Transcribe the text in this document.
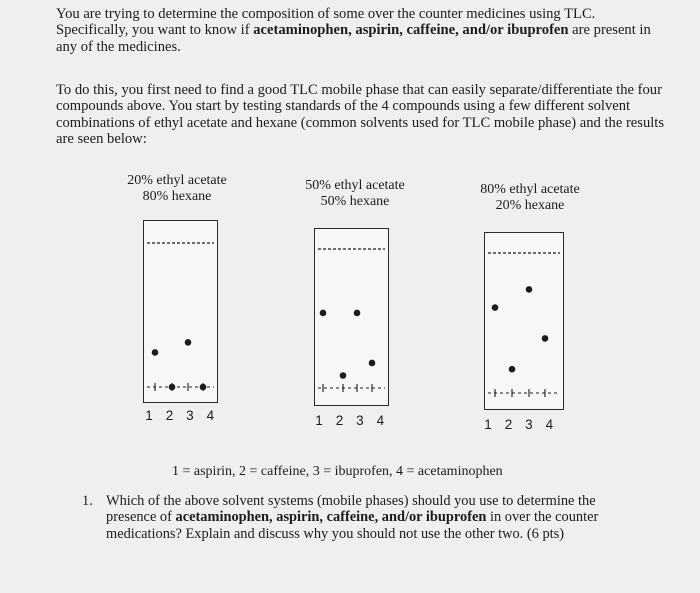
You are trying to determine the composition of some over the counter medicines using TLC. Specifically, you want to know if acetaminophen, aspirin, caffeine, and/or ibuprofen are present in any of the medicines.

To do this, you first need to find a good TLC mobile phase that can easily separate/differentiate the four compounds above. You start by testing standards of the 4 compounds using a few different solvent combinations of ethyl acetate and hexane (common solvents used for TLC mobile phase) and the results are seen below:

20% ethyl acetate
80% hexane
1 2 3 4
50% ethyl acetate
50% hexane
1 2 3 4
80% ethyl acetate
20% hexane
1 2 3 4

1 = aspirin, 2 = caffeine, 3 = ibuprofen, 4 = acetaminophen

1. Which of the above solvent systems (mobile phases) should you use to determine the presence of acetaminophen, aspirin, caffeine, and/or ibuprofen in over the counter medications? Explain and discuss why you should not use the other two. (6 pts)
